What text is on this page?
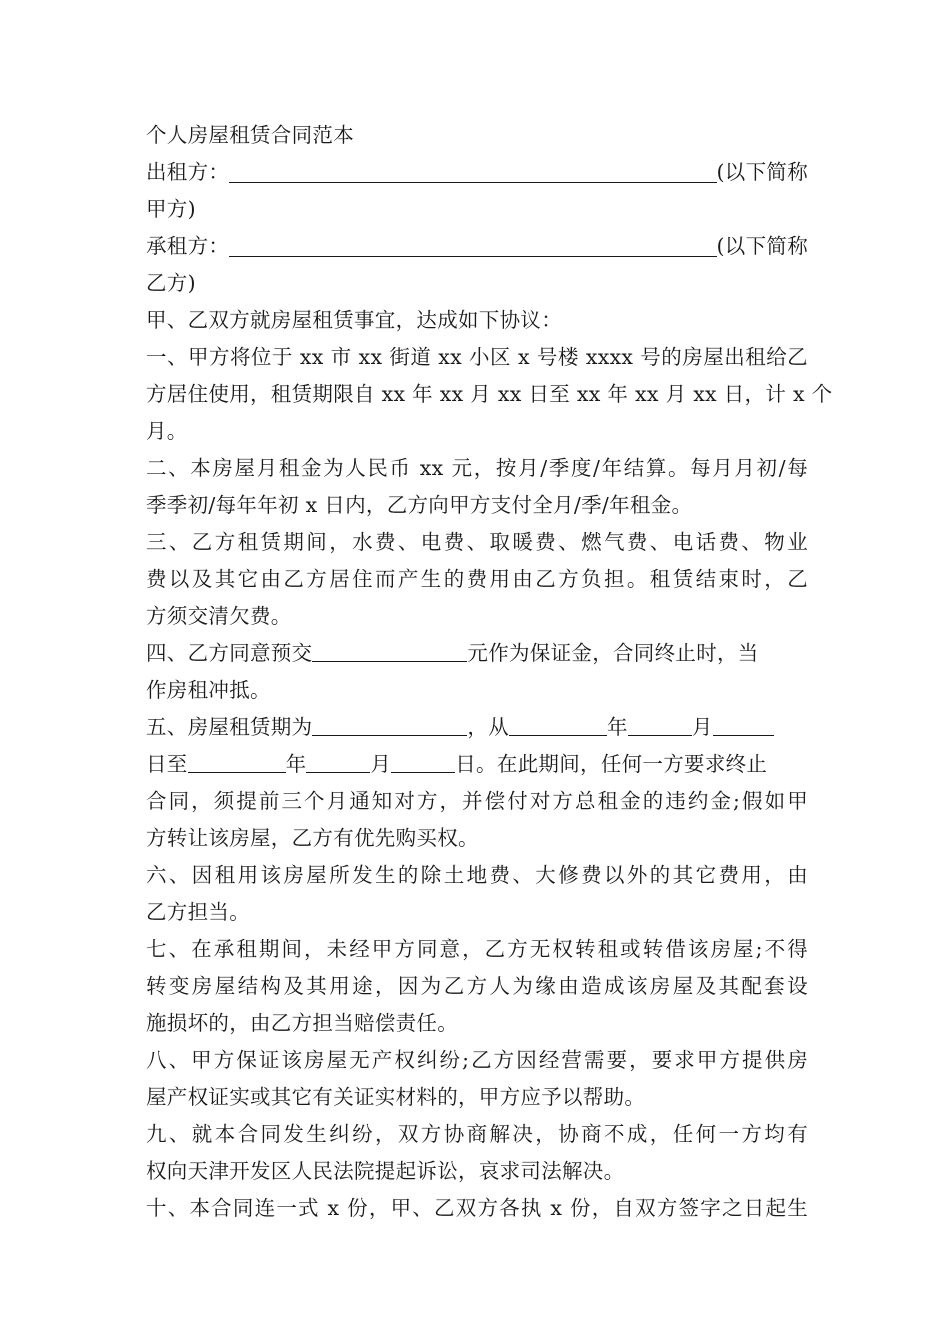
个人房屋租赁合同范本
出租方：	(以下简称
甲方)
承租方：	(以下简称
乙方)
甲、乙双方就房屋租赁事宜，达成如下协议：
一、甲方将位于 xx 市 xx 街道 xx 小区 x 号楼 xxxx 号的房屋出租给乙
方居住使用，租赁期限自 xx 年 xx 月 xx 日至 xx 年 xx 月 xx 日，计 x 个
月。
二、本房屋月租金为人民币 xx 元，按月/季度/年结算。每月月初/每
季季初/每年年初 x 日内，乙方向甲方支付全月/季/年租金。
三、乙方租赁期间，水费、电费、取暖费、燃气费、电话费、物业
费以及其它由乙方居住而产生的费用由乙方负担。租赁结束时，乙
方须交清欠费。
四、乙方同意预交	元作为保证金，合同终止时，当
作房租冲抵。
五、房屋租赁期为	，从	年	月
日至	年	月	日。在此期间，任何一方要求终止
合同，须提前三个月通知对方，并偿付对方总租金的违约金;假如甲
方转让该房屋，乙方有优先购买权。
六、因租用该房屋所发生的除土地费、大修费以外的其它费用，由
乙方担当。
七、在承租期间，未经甲方同意，乙方无权转租或转借该房屋;不得
转变房屋结构及其用途，因为乙方人为缘由造成该房屋及其配套设
施损坏的，由乙方担当赔偿责任。
八、甲方保证该房屋无产权纠纷;乙方因经营需要，要求甲方提供房
屋产权证实或其它有关证实材料的，甲方应予以帮助。
九、就本合同发生纠纷，双方协商解决，协商不成，任何一方均有
权向天津开发区人民法院提起诉讼，哀求司法解决。
十、本合同连一式 x 份，甲、乙双方各执 x 份，自双方签字之日起生
